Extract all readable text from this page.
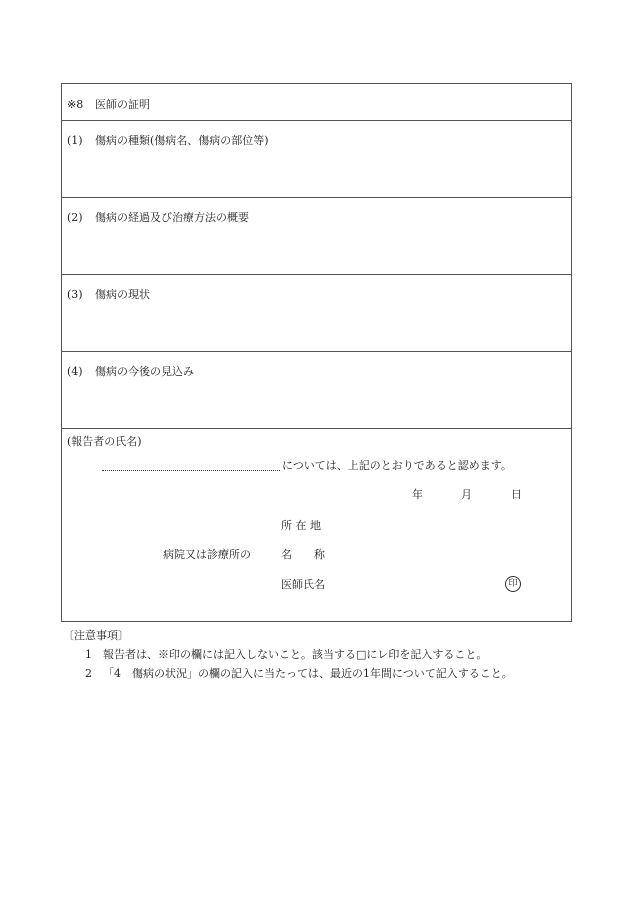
※8 医師の証明
(1) 傷病の種類(傷病名、傷病の部位等)
(2) 傷病の経過及び治療方法の概要
(3) 傷病の現状
(4) 傷病の今後の見込み
(報告者の氏名)
については、上記のとおりであると認めます。
年	月	日
所 在 地
病院又は診療所の	名　　称
医師氏名	印
〔注意事項〕
1 報告者は、※印の欄には記入しないこと。該当する□にレ印を記入すること。
2 「4　傷病の状況」の欄の記入に当たっては、最近の1年間について記入すること。
